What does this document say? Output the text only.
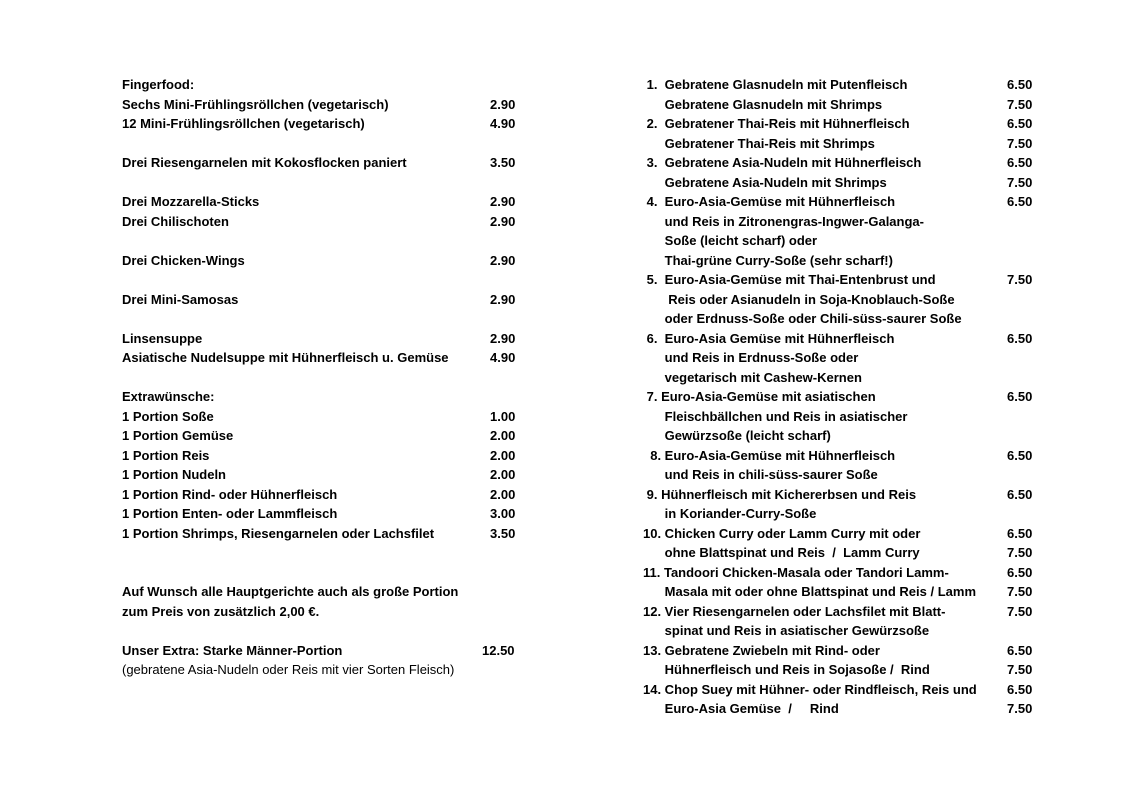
Fingerfood:
Sechs Mini-Frühlingsröllchen (vegetarisch)	2.90
12 Mini-Frühlingsröllchen (vegetarisch)	4.90
Drei Riesengarnelen mit Kokosflocken paniert	3.50
Drei Mozzarella-Sticks	2.90
Drei Chilischoten	2.90
Drei Chicken-Wings	2.90
Drei Mini-Samosas	2.90
Linsensuppe	2.90
Asiatische Nudelsuppe mit Hühnerfleisch u. Gemüse	4.90
Extrawünsche:
1 Portion Soße	1.00
1 Portion Gemüse	2.00
1 Portion Reis	2.00
1 Portion Nudeln	2.00
1 Portion Rind- oder Hühnerfleisch	2.00
1 Portion Enten- oder Lammfleisch	3.00
1 Portion Shrimps, Riesengarnelen oder Lachsfilet	3.50
Auf Wunsch alle Hauptgerichte auch als große Portion
zum Preis von zusätzlich 2,00 €.
Unser Extra: Starke Männer-Portion	12.50
(gebratene Asia-Nudeln oder Reis mit vier Sorten Fleisch)
1.  Gebratene Glasnudeln mit Putenfleisch	6.50
Gebratene Glasnudeln mit Shrimps	7.50
2.  Gebratener Thai-Reis mit Hühnerfleisch	6.50
Gebratener Thai-Reis mit Shrimps	7.50
3.  Gebratene Asia-Nudeln mit Hühnerfleisch	6.50
Gebratene Asia-Nudeln mit Shrimps	7.50
4.  Euro-Asia-Gemüse mit Hühnerfleisch	6.50
und Reis in Zitronengras-Ingwer-Galanga-
Soße (leicht scharf) oder
Thai-grüne Curry-Soße (sehr scharf!)
5.  Euro-Asia-Gemüse mit Thai-Entenbrust und	7.50
Reis oder Asianudeln in Soja-Knoblauch-Soße
oder Erdnuss-Soße oder Chili-süss-saurer Soße
6.  Euro-Asia Gemüse mit Hühnerfleisch	6.50
und Reis in Erdnuss-Soße oder
vegetarisch mit Cashew-Kernen
7. Euro-Asia-Gemüse mit asiatischen	6.50
Fleischbällchen und Reis in asiatischer
Gewürzsoße (leicht scharf)
8. Euro-Asia-Gemüse mit Hühnerfleisch	6.50
und Reis in chili-süss-saurer Soße
9. Hühnerfleisch mit Kichererbsen und Reis	6.50
in Koriander-Curry-Soße
10. Chicken Curry oder Lamm Curry mit oder	6.50
ohne Blattspinat und Reis  /  Lamm Curry	7.50
11. Tandoori Chicken-Masala oder Tandori Lamm-	6.50
Masala mit oder ohne Blattspinat und Reis / Lamm 7.50
12. Vier Riesengarnelen oder Lachsfilet mit Blatt-	7.50
spinat und Reis in asiatischer Gewürzsoße
13. Gebratene Zwiebeln mit Rind- oder	6.50
Hühnerfleisch und Reis in Sojasoße /  Rind	7.50
14. Chop Suey mit Hühner- oder Rindfleisch, Reis und 6.50
Euro-Asia Gemüse  /     Rind	7.50
